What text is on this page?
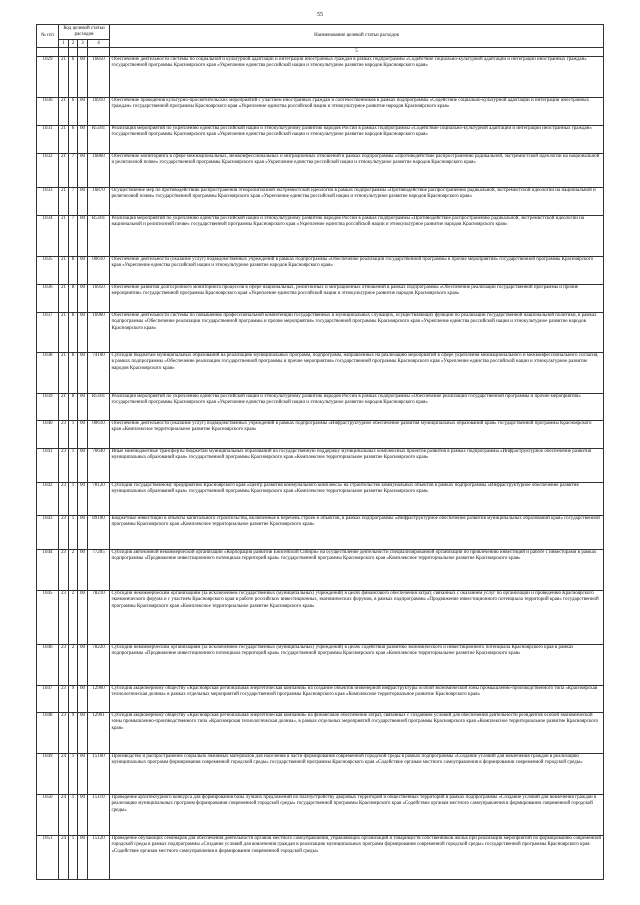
55
№ п/п	Код целевой статьи расходов				Наименование целевой статьи расходов
	1	2	3	4	
					5
1029	21	6	00	16850	Обеспечение деятельности системы по социальной и культурной адаптации и интеграции иностранных граждан в рамках подпрограммы «Содействие социально-культурной адаптации и интеграции иностранных граждан» государственной программы Красноярского края «Укрепление единства российской нации и этнокультурное развитие народов Красноярского края»
1030	21	6	00	16910	Обеспечение проведения культурно-просветительских мероприятий с участием иностранных граждан и соотечественников в рамках подпрограммы «Содействие социально-культурной адаптации и интеграции иностранных граждан» государственной программы Красноярского края «Укрепление единства российской нации и этнокультурное развитие народов Красноярского края»
1031	21	6	00	R5181	Реализация мероприятий по укреплению единства российской нации и этнокультурному развитию народов России в рамках подпрограммы «Содействие социально-культурной адаптации и интеграции иностранных граждан» государственной программы Красноярского края «Укрепление единства российской нации и этнокультурное развитие народов Красноярского края»
1032	21	7	00	16860	Обеспечение мониторинга в сфере межнациональных, межконфессиональных и миграционных отношений в рамках подпрограммы «Противодействие распространению радикальной, экстремистской идеологии на национальной и религиозной почве» государственной программы Красноярского края «Укрепление единства российской нации и этнокультурное развитие народов Красноярского края»
1033	21	7	00	16870	Осуществление мер по противодействию распространения этнорелигиозной экстремистской идеологии в рамках подпрограммы «Противодействие распространению радикальной, экстремистской идеологии на национальной и религиозной почве» государственной программы Красноярского края «Укрепление единства российской нации и этнокультурное развитие народов Красноярского края»
1034	21	7	00	R5181	Реализация мероприятий по укреплению единства российской нации и этнокультурному развитию народов России в рамках подпрограммы «Противодействие распространению радикальной, экстремистской идеологии на национальной и религиозной почве» государственной программы Красноярского края «Укрепление единства российской нации и этнокультурное развитие народов Красноярского края»
1035	21	8	00	00610	Обеспечение деятельности (оказание услуг) подведомственных учреждений в рамках подпрограммы «Обеспечение реализации государственной программы и прочие мероприятия» государственной программы Красноярского края «Укрепление единства российской нации и этнокультурное развитие народов Красноярского края»
1036	21	8	00	16950	Обеспечение развития долгосрочного мониторинга процессов в сфере национальных, религиозных и миграционных отношений в рамках подпрограммы «Обеспечение реализации государственной программы и прочие мероприятия» государственной программы Красноярского края «Укрепление единства российской нации и этнокультурное развитие народов Красноярского края»
1037	21	8	00	16960	Обеспечение деятельности системы по повышению профессиональной компетенции государственных и муниципальных служащих, осуществляющих функции по реализации государственной национальной политики, в рамках подпрограммы «Обеспечение реализации государственной программы и прочие мероприятия» государственной программы Красноярского края «Укрепление единства российской нации и этнокультурное развитие народов Красноярского края»
1038	21	8	00	74100	Субсидии бюджетам муниципальных образований на реализацию муниципальных программ, подпрограмм, направленных на реализацию мероприятий в сфере укрепления межнационального и межконфессионального согласия, в рамках подпрограммы «Обеспечение реализации государственной программы и прочие мероприятия» государственной программы Красноярского края «Укрепление единства российской нации и этнокультурное развитие народов Красноярского края»
1039	21	8	00	R5181	Реализация мероприятий по укреплению единства российской нации и этнокультурному развитию народов России в рамках подпрограммы «Обеспечение реализации государственной программы и прочие мероприятия» государственной программы Красноярского края «Укрепление единства российской нации и этнокультурное развитие народов Красноярского края»
1040	23	1	00	00610	Обеспечение деятельности (оказание услуг) подведомственных учреждений в рамках подпрограммы «Инфраструктурное обеспечение развития муниципальных образований края» государственной программы Красноярского края «Комплексное территориальное развитие Красноярского края»
1041	23	1	00	76640	Иные межбюджетные трансферты бюджетам муниципальных образований на государственную поддержку муниципальных комплексных проектов развития в рамках подпрограммы «Инфраструктурное обеспечение развития муниципальных образований края» государственной программы Красноярского края «Комплексное территориальное развитие Красноярского края»
1042	23	1	00	78120	Субсидии государственному предприятию Красноярского края «Центр развития коммунального комплекса» на строительство коммунальных объектов в рамках подпрограммы «Инфраструктурное обеспечение развития муниципальных образований края» государственной программы Красноярского края «Комплексное территориальное развитие Красноярского края»
1043	23	1	00	89100	Бюджетные инвестиции в объекты капитального строительства, включенные в перечень строек и объектов, в рамках подпрограммы «Инфраструктурное обеспечение развития муниципальных образований края» государственной программы Красноярского края «Комплексное территориальное развитие Красноярского края»
1044	23	2	00	77205	Субсидия автономной некоммерческой организации «Корпорация развития Енисейской Сибири» на осуществление деятельности специализированной организации по привлечению инвестиций и работе с инвесторами в рамках подпрограммы «Продвижение инвестиционного потенциала территорий края» государственной программы Красноярского края «Комплексное территориальное развитие Красноярского края»
1045	23	2	00	78210	Субсидии некоммерческим организациям (за исключением государственных (муниципальных) учреждений) в целях финансового обеспечения затрат, связанных с оказанием услуг по организации и проведению Красноярского экономического форума и с участием Красноярского края в работе российских инвестиционных, экономических форумов, в рамках подпрограммы «Продвижение инвестиционного потенциала территорий края» государственной программы Красноярского края «Комплексное территориальное развитие Красноярского края»
1046	23	2	00	78220	Субсидии некоммерческим организациям (за исключением государственных (муниципальных) учреждений) в целях содействия развитию экономического и инвестиционного потенциала Красноярского края в рамках подпрограммы «Продвижение инвестиционного потенциала территорий края» государственной программы Красноярского края «Комплексное территориальное развитие Красноярского края»
1047	23	9	00	12900	Субсидия акционерному обществу «Красноярская региональная энергетическая компания» на создание объектов инженерной инфраструктуры особой экономической зоны промышленно-производственного типа «Красноярская технологическая долина» в рамках отдельных мероприятий государственной программы Красноярского края «Комплексное территориальное развитие Красноярского края»
1048	23	9	00	12901	Субсидия акционерному обществу «Красноярская региональная энергетическая компания» на финансовое обеспечение затрат, связанных с созданием условий для обеспечения деятельности резидентов особой экономической зоны промышленно-производственного типа «Красноярская технологическая долина», в рамках отдельных мероприятий государственной программы Красноярского края «Комплексное территориальное развитие Красноярского края»
1049	24	1	00	15100	Производство и распространение социально значимых материалов для населения в части формирования современной городской среды в рамках подпрограммы «Создание условий для вовлечения граждан в реализацию муниципальных программ формирования современной городской среды» государственной программы Красноярского края «Содействие органам местного самоуправления в формировании современной городской среды»
1050	24	1	00	15110	Проведение архитектурного конкурса для формирования базы лучших предложений по благоустройству дворовых территорий и общественных территорий в рамках подпрограммы «Создание условий для вовлечения граждан в реализацию муниципальных программ формирования современной городской среды» государственной программы Красноярского края «Содействие органам местного самоуправления в формировании современной городской среды»
1051	24	1	00	15120	Проведение обучающих семинаров для обеспечения деятельности органов местного самоуправления, управляющих организаций и товариществ собственников жилья при реализации мероприятий по формированию современной городской среды в рамках подпрограммы «Создание условий для вовлечения граждан в реализацию муниципальных программ формирования современной городской среды» государственной программы Красноярского края «Содействие органам местного самоуправления в формировании современной городской среды»
